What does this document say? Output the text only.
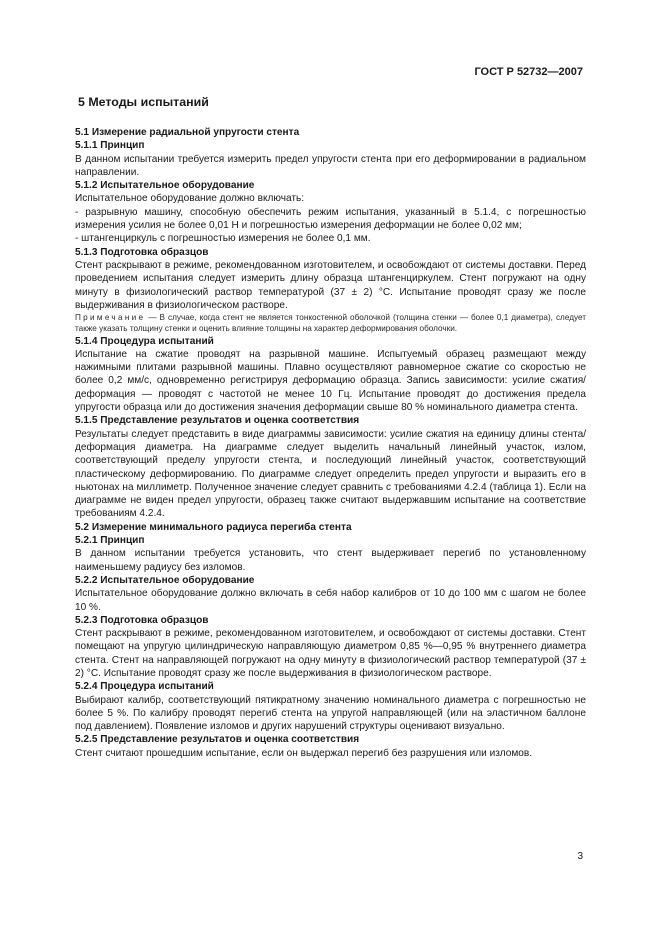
ГОСТ Р 52732—2007
5 Методы испытаний

5.1 Измерение радиальной упругости стента

5.1.1 Принцип

В данном испытании требуется измерить предел упругости стента при его деформировании в радиальном направлении.

5.1.2 Испытательное оборудование

Испытательное оборудование должно включать:

- разрывную машину, способную обеспечить режим испытания, указанный в 5.1.4, с погрешностью измерения усилия не более 0,01 Н и погрешностью измерения деформации не более 0,02 мм;

- штангенциркуль с погрешностью измерения не более 0,1 мм.

5.1.3 Подготовка образцов

Стент раскрывают в режиме, рекомендованном изготовителем, и освобождают от системы доставки. Перед проведением испытания следует измерить длину образца штангенциркулем. Стент погружают на одну минуту в физиологический раствор температурой (37 ± 2) °С. Испытание проводят сразу же после выдерживания в физиологическом растворе.

Примечание — В случае, когда стент не является тонкостенной оболочкой (толщина стенки — более 0,1 диаметра), следует также указать толщину стенки и оценить влияние толщины на характер деформирования оболочки.

5.1.4 Процедура испытаний

Испытание на сжатие проводят на разрывной машине. Испытуемый образец размещают между нажимными плитами разрывной машины. Плавно осуществляют равномерное сжатие со скоростью не более 0,2 мм/с, одновременно регистрируя деформацию образца. Запись зависимости: усилие сжатия/деформация — проводят с частотой не менее 10 Гц. Испытание проводят до достижения предела упругости образца или до достижения значения деформации свыше 80 % номинального диаметра стента.

5.1.5 Представление результатов и оценка соответствия

Результаты следует представить в виде диаграммы зависимости: усилие сжатия на единицу длины стента/деформация диаметра. На диаграмме следует выделить начальный линейный участок, излом, соответствующий пределу упругости стента, и последующий линейный участок, соответствующий пластическому деформированию. По диаграмме следует определить предел упругости и выразить его в ньютонах на миллиметр. Полученное значение следует сравнить с требованиями 4.2.4 (таблица 1). Если на диаграмме не виден предел упругости, образец также считают выдержавшим испытание на соответствие требованиям 4.2.4.

5.2 Измерение минимального радиуса перегиба стента

5.2.1 Принцип

В данном испытании требуется установить, что стент выдерживает перегиб по установленному наименьшему радиусу без изломов.

5.2.2 Испытательное оборудование

Испытательное оборудование должно включать в себя набор калибров от 10 до 100 мм с шагом не более 10 %.

5.2.3 Подготовка образцов

Стент раскрывают в режиме, рекомендованном изготовителем, и освобождают от системы доставки. Стент помещают на упругую цилиндрическую направляющую диаметром 0,85 %—0,95 % внутреннего диаметра стента. Стент на направляющей погружают на одну минуту в физиологический раствор температурой (37 ± 2) °С. Испытание проводят сразу же после выдерживания в физиологическом растворе.

5.2.4 Процедура испытаний

Выбирают калибр, соответствующий пятикратному значению номинального диаметра с погрешностью не более 5 %. По калибру проводят перегиб стента на упругой направляющей (или на эластичном баллоне под давлением). Появление изломов и других нарушений структуры оценивают визуально.

5.2.5 Представление результатов и оценка соответствия

Стент считают прошедшим испытание, если он выдержал перегиб без разрушения или изломов.

3
